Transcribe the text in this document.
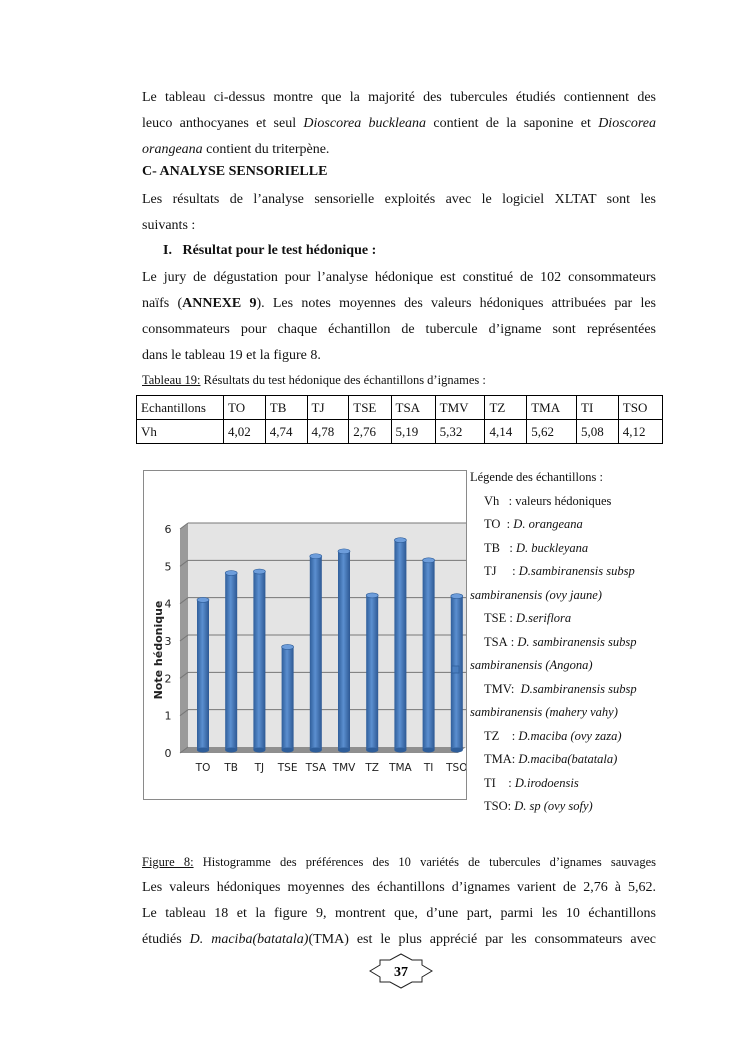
Le tableau ci-dessus montre que la majorité des tubercules étudiés contiennent des
leuco anthocyanes et seul Dioscorea buckleana contient de la saponine et Dioscorea
orangeana contient du triterpène.
C- ANALYSE SENSORIELLE
Les résultats de l’analyse sensorielle exploités avec le logiciel XLTAT sont les
suivants :
I. Résultat pour le test hédonique :
Le jury de dégustation pour l’analyse hédonique est constitué de 102 consommateurs
naïfs (ANNEXE 9). Les notes moyennes des valeurs hédoniques attribuées par les
consommateurs pour chaque échantillon de tubercule d’igname sont représentées
dans le tableau 19 et la figure 8.
Tableau 19: Résultats du test hédonique des échantillons d’ignames :
Echantillons	TO	TB	TJ	TSE	TSA	TMV	TZ	TMA	TI	TSO
Vh	4,02	4,74	4,78	2,76	5,19	5,32	4,14	5,62	5,08	4,12
0
1
2
3
4
5
6
Note hédonique
TO TB TJ TSE TSA TMV TZ TMA TI TSO
Légende des échantillons :
Vh   : valeurs hédoniques
TO  : D. orangeana
TB   : D. buckleyana
TJ     : D.sambiranensis subsp
sambiranensis (ovy jaune)
TSE : D.seriflora
TSA : D. sambiranensis subsp
sambiranensis (Angona)
TMV:  D.sambiranensis subsp
sambiranensis (mahery vahy)
TZ    : D.maciba (ovy zaza)
TMA: D.maciba(batatala)
TI    : D.irodoensis
TSO: D. sp (ovy sofy)
Figure 8: Histogramme des préférences des 10 variétés de tubercules d’ignames sauvages
Les valeurs hédoniques moyennes des échantillons d’ignames varient de 2,76 à 5,62.
Le tableau 18 et la figure 9, montrent que, d’une part, parmi les 10 échantillons
étudiés D. maciba(batatala)(TMA) est le plus apprécié par les consommateurs avec
37
